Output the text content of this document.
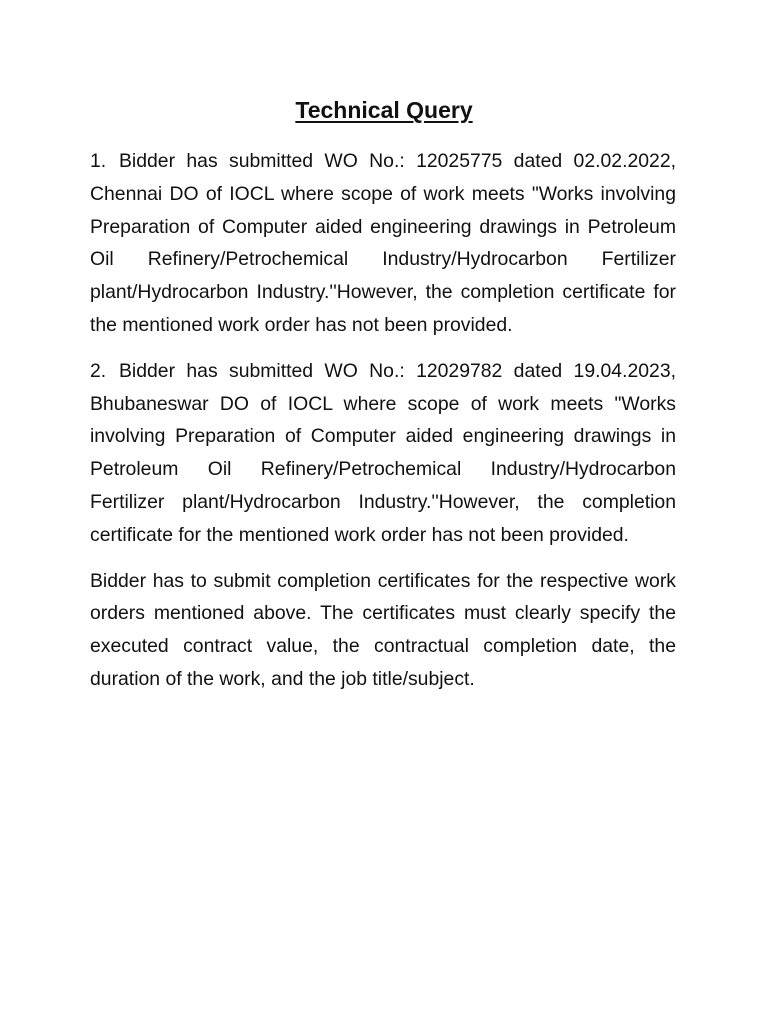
Technical Query

1. Bidder has submitted WO No.: 12025775 dated 02.02.2022, Chennai DO of IOCL where scope of work meets "Works involving Preparation of Computer aided engineering drawings in Petroleum Oil Refinery/Petrochemical Industry/Hydrocarbon Fertilizer plant/Hydrocarbon Industry.''However, the completion certificate for the mentioned work order has not been provided.

2. Bidder has submitted WO No.: 12029782 dated 19.04.2023, Bhubaneswar DO of IOCL where scope of work meets "Works involving Preparation of Computer aided engineering drawings in Petroleum Oil Refinery/Petrochemical Industry/Hydrocarbon Fertilizer plant/Hydrocarbon Industry.''However, the completion certificate for the mentioned work order has not been provided.

Bidder has to submit completion certificates for the respective work orders mentioned above. The certificates must clearly specify the executed contract value, the contractual completion date, the duration of the work, and the job title/subject.
